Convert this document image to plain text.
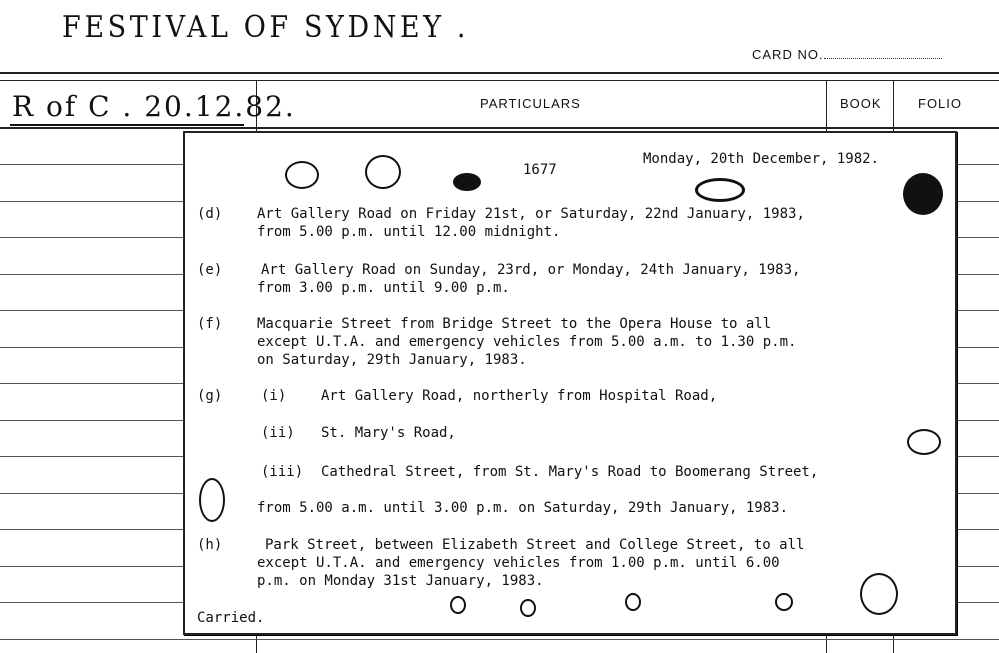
FESTIVAL OF SYDNEY .
CARD NO.
PARTICULARS	BOOK	FOLIO
R of C . 20.12.82.
1677
Monday, 20th December, 1982.
(d) Art Gallery Road on Friday 21st, or Saturday, 22nd January, 1983,
from 5.00 p.m. until 12.00 midnight.
(e)	Art Gallery Road on Sunday, 23rd, or Monday, 24th January, 1983,
from 3.00 p.m. until 9.00 p.m.
(f) Macquarie Street from Bridge Street to the Opera House to all
except U.T.A. and emergency vehicles from 5.00 a.m. to 1.30 p.m.
on Saturday, 29th January, 1983.
(g)	(i) Art Gallery Road, northerly from Hospital Road,
(ii) St. Mary's Road,
(iii) Cathedral Street, from St. Mary's Road to Boomerang Street,
from 5.00 a.m. until 3.00 p.m. on Saturday, 29th January, 1983.
(h)	Park Street, between Elizabeth Street and College Street, to all
except U.T.A. and emergency vehicles from 1.00 p.m. until 6.00
p.m. on Monday 31st January, 1983.
Carried.
